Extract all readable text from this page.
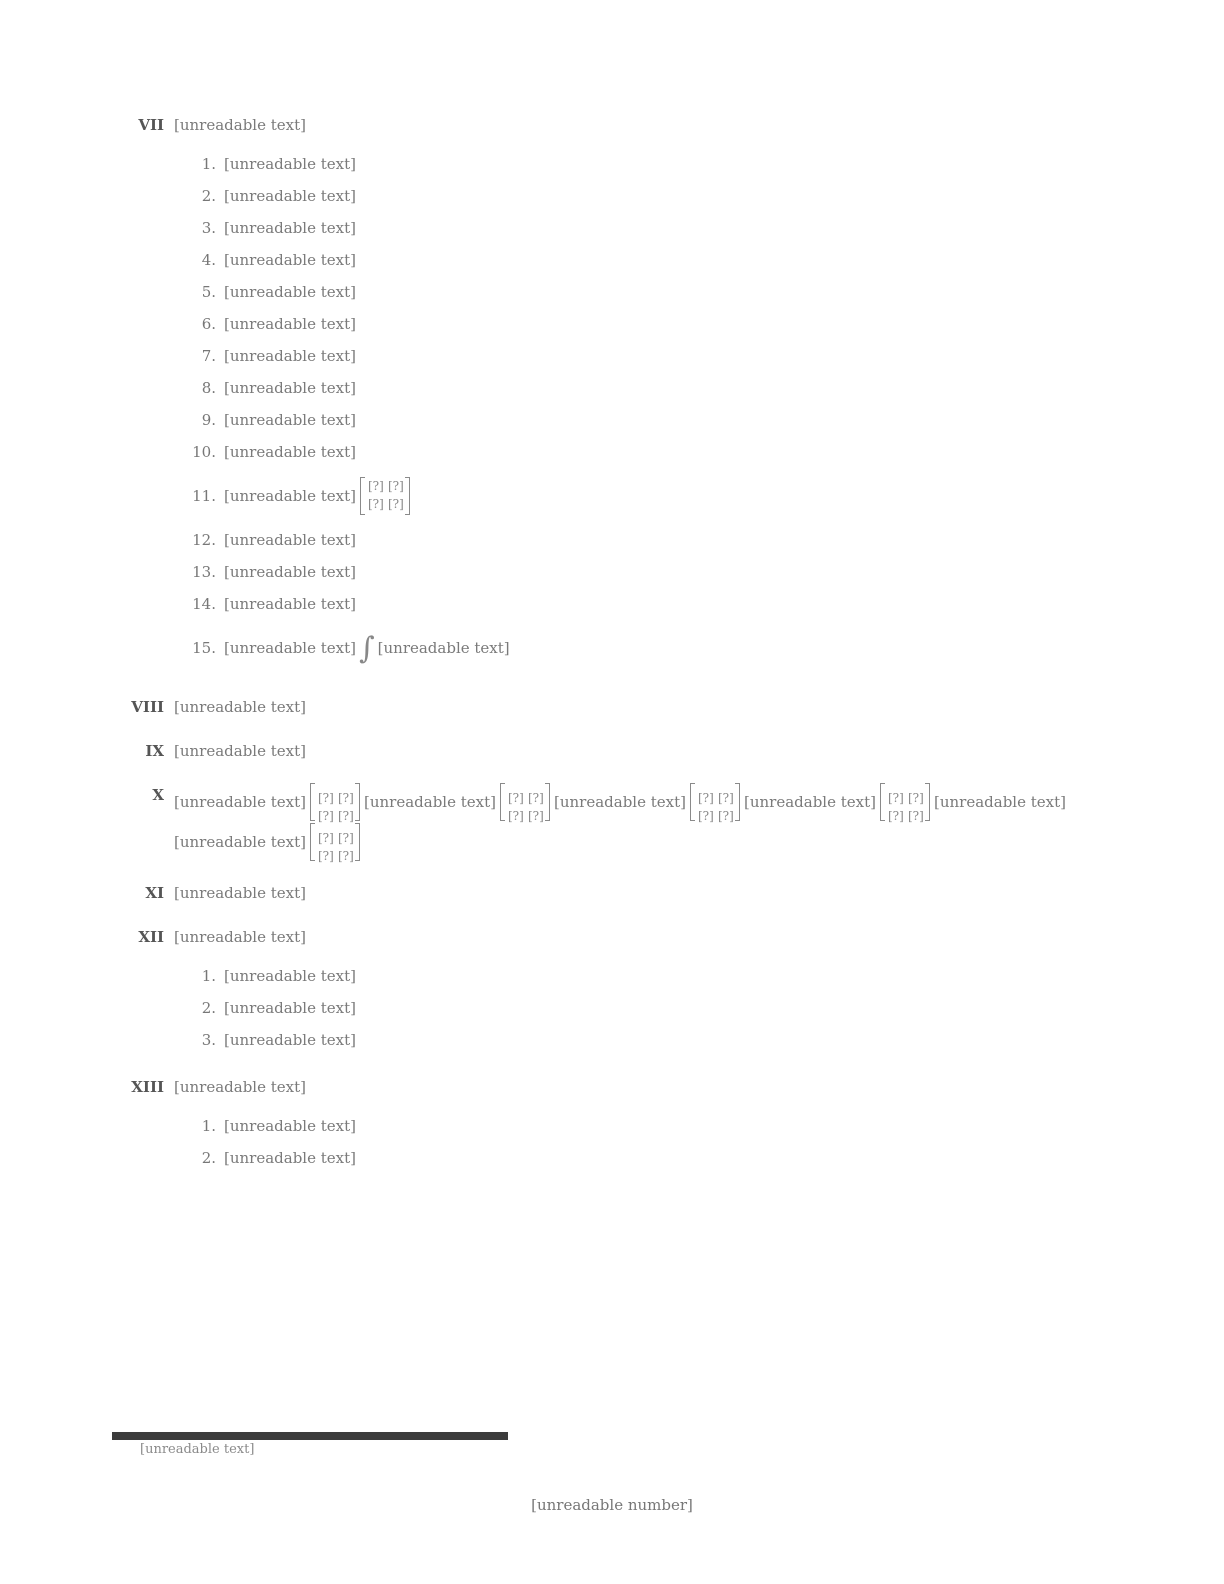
VII [unreadable text]
1. [unreadable text]
2. [unreadable text]
3. [unreadable text]
4. [unreadable text]
5. [unreadable text]
6. [unreadable text]
7. [unreadable text]
8. [unreadable text]
9. [unreadable text]
10. [unreadable text]
11. [unreadable text]
[?] [?]
[?] [?]
12. [unreadable text]
13. [unreadable text]
14. [unreadable text]
15. [unreadable text] ∫ [unreadable text]
VIII [unreadable text]
IX [unreadable text]
X [unreadable text] [?] [?]
[?] [?]
[unreadable text] [?] [?]
[?] [?]
[unreadable text] [?] [?]
[?] [?]
[unreadable text] [?] [?]
[?] [?]
[unreadable text]
[unreadable text] [?] [?]
[?] [?]
XI [unreadable text]
XII [unreadable text]
1. [unreadable text]
2. [unreadable text]
3. [unreadable text]
XIII [unreadable text]
1. [unreadable text]
2. [unreadable text]
[unreadable text]
[unreadable number]
